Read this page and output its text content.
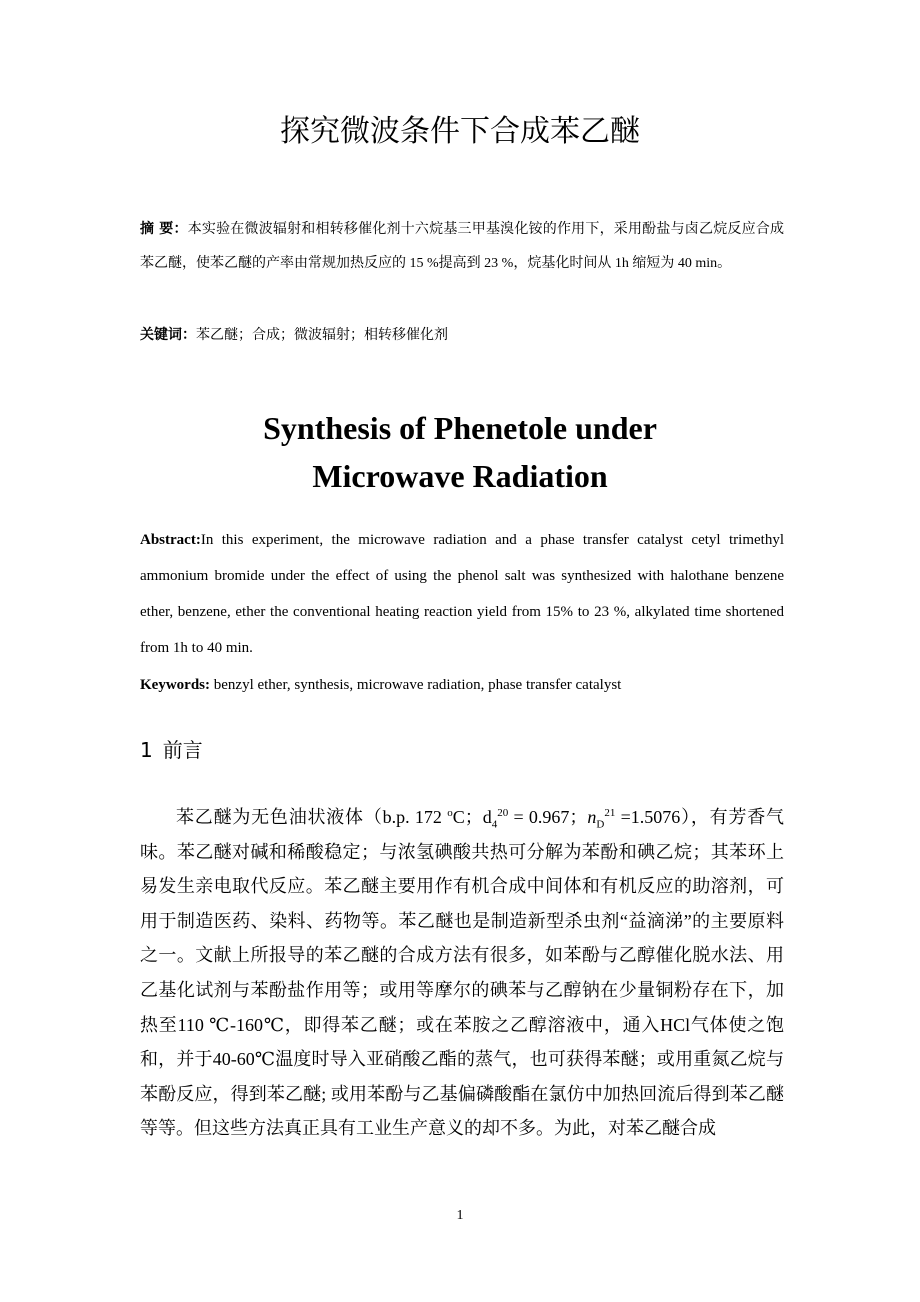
探究微波条件下合成苯乙醚

摘 要：本实验在微波辐射和相转移催化剂十六烷基三甲基溴化铵的作用下，采用酚盐与卤乙烷反应合成苯乙醚，使苯乙醚的产率由常规加热反应的 15 %提高到 23 %，烷基化时间从 1h 缩短为 40 min。

关键词：苯乙醚；合成；微波辐射；相转移催化剂

Synthesis of Phenetole under
Microwave Radiation

Abstract:In this experiment, the microwave radiation and a phase transfer catalyst cetyl trimethyl ammonium bromide under the effect of using the phenol salt was synthesized with halothane benzene ether, benzene, ether the conventional heating reaction yield from 15% to 23 %, alkylated time shortened from 1h to 40 min.

Keywords: benzyl ether, synthesis, microwave radiation, phase transfer catalyst

1 前言

苯乙醚为无色油状液体（b.p. 172 $^o$C；$d_4^{20} = 0.967$；$n_D^{21} =1.5076$），有芳香气味。苯乙醚对碱和稀酸稳定；与浓氢碘酸共热可分解为苯酚和碘乙烷；其苯环上易发生亲电取代反应。苯乙醚主要用作有机合成中间体和有机反应的助溶剂，可用于制造医药、染料、药物等。苯乙醚也是制造新型杀虫剂“益滴涕”的主要原料之一。文献上所报导的苯乙醚的合成方法有很多，如苯酚与乙醇催化脱水法、用乙基化试剂与苯酚盐作用等；或用等摩尔的碘苯与乙醇钠在少量铜粉存在下，加热至110 ℃-160℃，即得苯乙醚；或在苯胺之乙醇溶液中，通入HCl气体使之饱和，并于40-60℃温度时导入亚硝酸乙酯的蒸气，也可获得苯醚；或用重氮乙烷与苯酚反应，得到苯乙醚; 或用苯酚与乙基偏磷酸酯在氯仿中加热回流后得到苯乙醚等等。但这些方法真正具有工业生产意义的却不多。为此，对苯乙醚合成

1
